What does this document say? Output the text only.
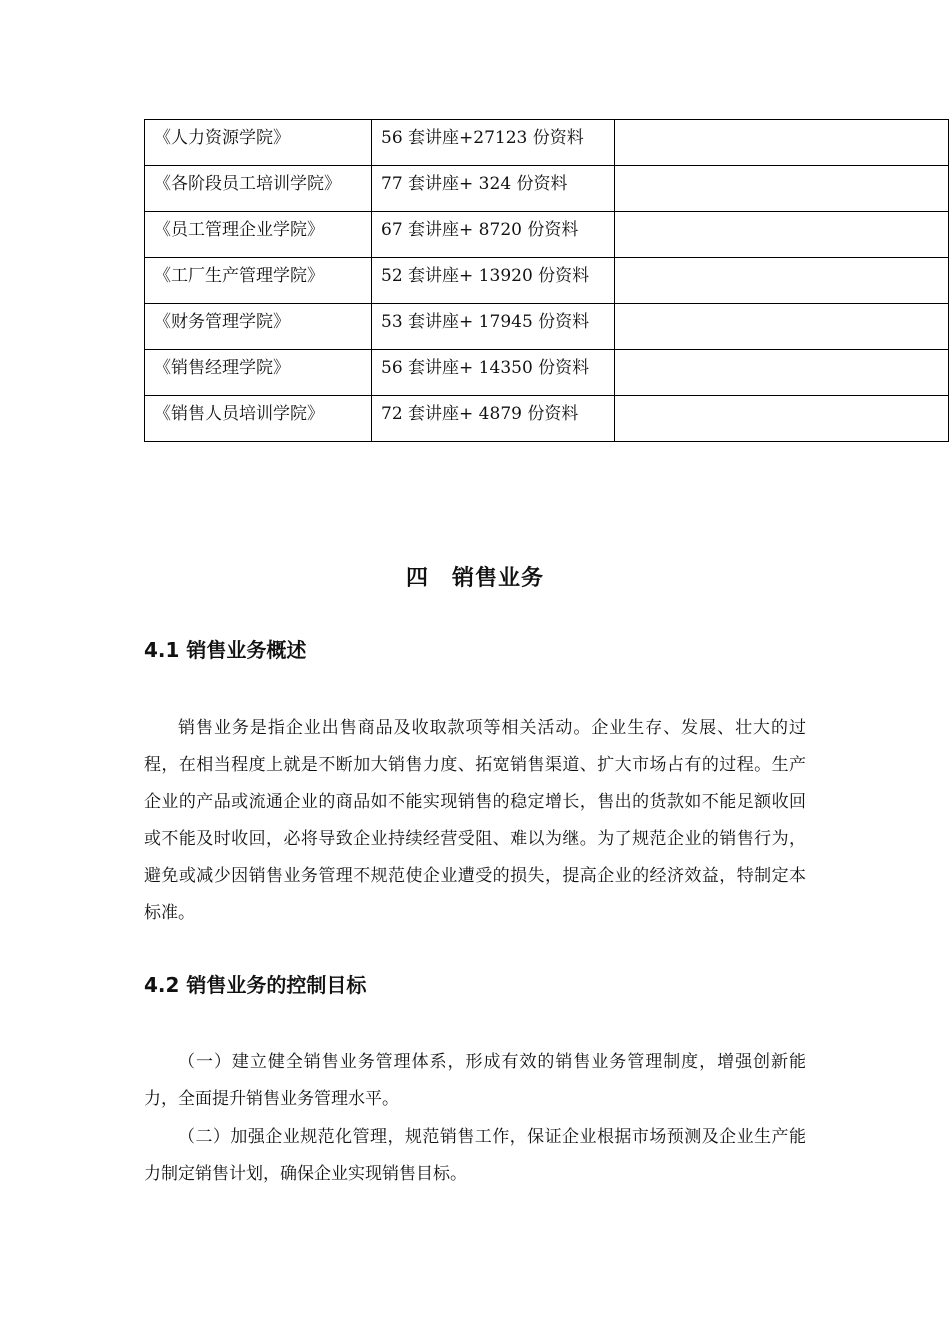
《人力资源学院》	56 套讲座+27123 份资料	

《各阶段员工培训学院》	77 套讲座+ 324 份资料	

《员工管理企业学院》	67 套讲座+ 8720 份资料	

《工厂生产管理学院》	52 套讲座+ 13920 份资料	

《财务管理学院》	53 套讲座+ 17945 份资料	

《销售经理学院》	56 套讲座+ 14350 份资料	

《销售人员培训学院》	72 套讲座+ 4879 份资料	

四　销售业务
4.1 销售业务概述

销售业务是指企业出售商品及收取款项等相关活动。企业生存、发展、壮大的过程，在相当程度上就是不断加大销售力度、拓宽销售渠道、扩大市场占有的过程。生产企业的产品或流通企业的商品如不能实现销售的稳定增长，售出的货款如不能足额收回或不能及时收回，必将导致企业持续经营受阻、难以为继。为了规范企业的销售行为，避免或减少因销售业务管理不规范使企业遭受的损失，提高企业的经济效益，特制定本标准。

4.2 销售业务的控制目标

（一）建立健全销售业务管理体系，形成有效的销售业务管理制度，增强创新能力，全面提升销售业务管理水平。

（二）加强企业规范化管理，规范销售工作，保证企业根据市场预测及企业生产能力制定销售计划，确保企业实现销售目标。
